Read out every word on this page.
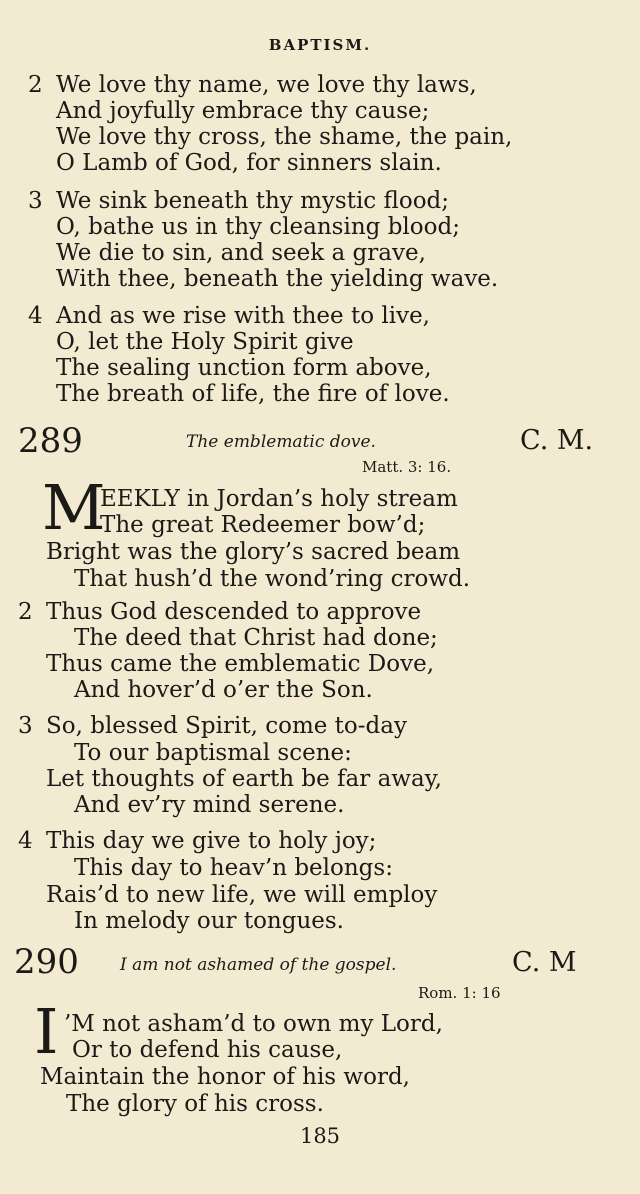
BAPTISM.
2 We love thy name, we love thy laws,
And joyfully embrace thy cause;
We love thy cross, the shame, the pain,
O Lamb of God, for sinners slain.
3 We sink beneath thy mystic flood;
O, bathe us in thy cleansing blood;
We die to sin, and seek a grave,
With thee, beneath the yielding wave.
4 And as we rise with thee to live,
O, let the Holy Spirit give
The sealing unction form above,
The breath of life, the fire of love.
289	The emblematic dove.	C. M.
Matt. 3: 16.
M
EEKLY in Jordan’s holy stream
The great Redeemer bow’d;
Bright was the glory’s sacred beam
That hush’d the wond’ring crowd.
2 Thus God descended to approve
The deed that Christ had done;
Thus came the emblematic Dove,
And hover’d o’er the Son.
3 So, blessed Spirit, come to-day
To our baptismal scene:
Let thoughts of earth be far away,
And ev’ry mind serene.
4 This day we give to holy joy;
This day to heav’n belongs:
Rais’d to new life, we will employ
In melody our tongues.
290 I am not ashamed of the gospel.	C. M
Rom. 1: 16
I ’M not asham’d to own my Lord,
Or to defend his cause,
Maintain the honor of his word,
The glory of his cross.
185
